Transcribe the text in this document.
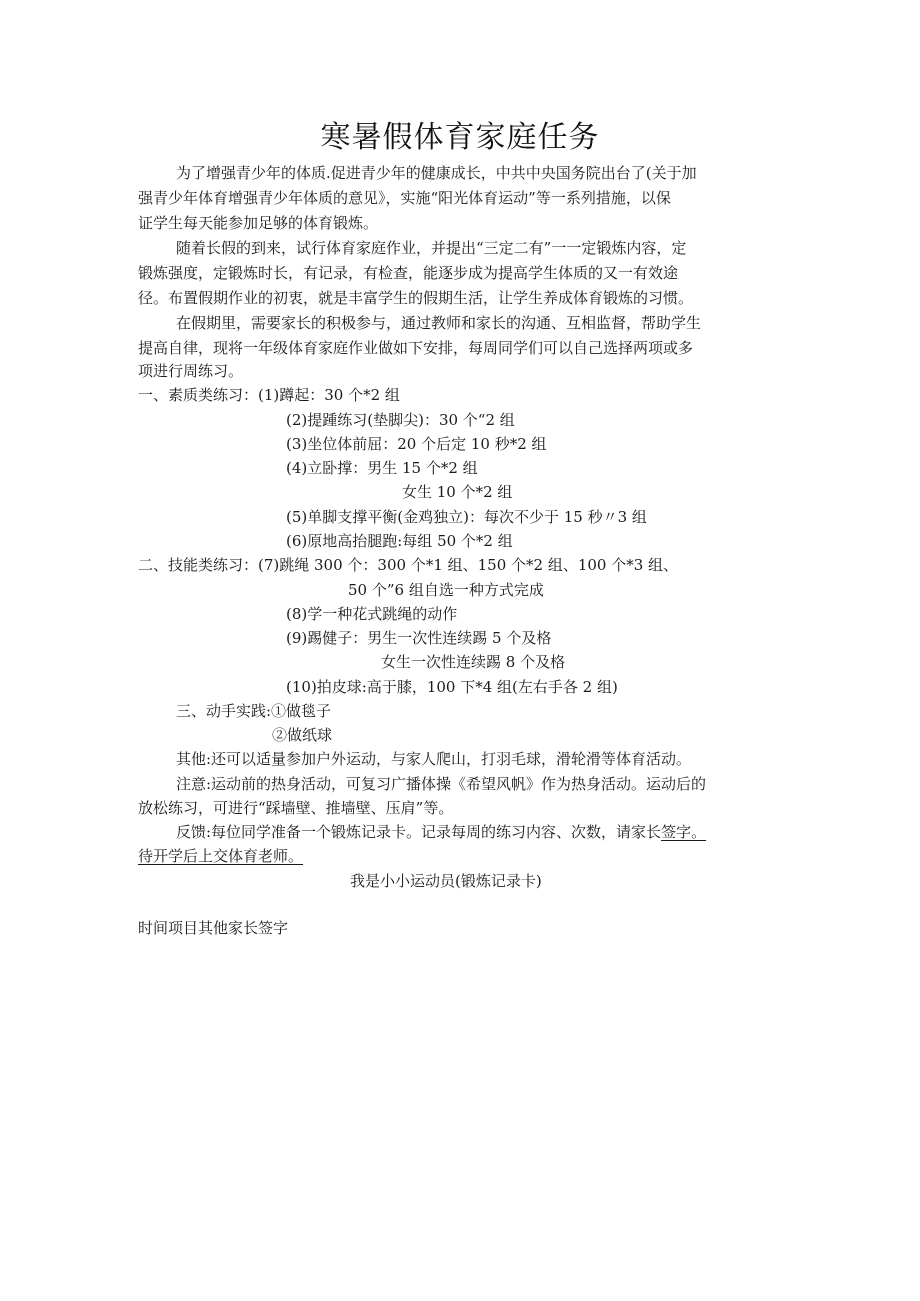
寒暑假体育家庭任务
为了增强青少年的体质.促进青少年的健康成长，中共中央国务院出台了(关于加
强青少年体育增强青少年体质的意见》，实施“阳光体育运动”等一系列措施，以保
证学生每天能参加足够的体育锻炼。
随着长假的到来，试行体育家庭作业，并提出“三定二有”一一定锻炼内容，定
锻炼强度，定锻炼时长，有记录，有检查，能逐步成为提高学生体质的又一有效途
径。布置假期作业的初衷，就是丰富学生的假期生活，让学生养成体育锻炼的习惯。
在假期里，需要家长的积极参与，通过教师和家长的沟通、互相监督，帮助学生
提高自律，现将一年级体育家庭作业做如下安排，每周同学们可以自己选择两项或多
项进行周练习。
一、素质类练习：(1)蹲起：30 个*2 组
(2)提踵练习(垫脚尖)：30 个“2 组
(3)坐位体前屈：20 个后定 10 秒*2 组
(4)立卧撑：男生 15 个*2 组
女生 10 个*2 组
(5)单脚支撑平衡(金鸡独立)：每次不少于 15 秒〃3 组
(6)原地高抬腿跑:每组 50 个*2 组
二、技能类练习：(7)跳绳 300 个：300 个*1 组、150 个*2 组、100 个*3 组、
50 个”6 组自选一种方式完成
(8)学一种花式跳绳的动作
(9)踢健子：男生一次性连续踢 5 个及格
女生一次性连续踢 8 个及格
(10)拍皮球:高于膝，100 下*4 组(左右手各 2 组)
三、动手实践:①做毯子
②做纸球
其他:还可以适量参加户外运动，与家人爬山，打羽毛球，滑轮滑等体育活动。
注意:运动前的热身活动，可复习广播体操《希望风帆》作为热身活动。运动后的
放松练习，可进行“踩墙壁、推墙壁、压肩”等。
反馈:每位同学准备一个锻炼记录卡。记录每周的练习内容、次数，请家长签字。
待开学后上交体育老师。
我是小小运动员(锻炼记录卡)
时间项目其他家长签字
